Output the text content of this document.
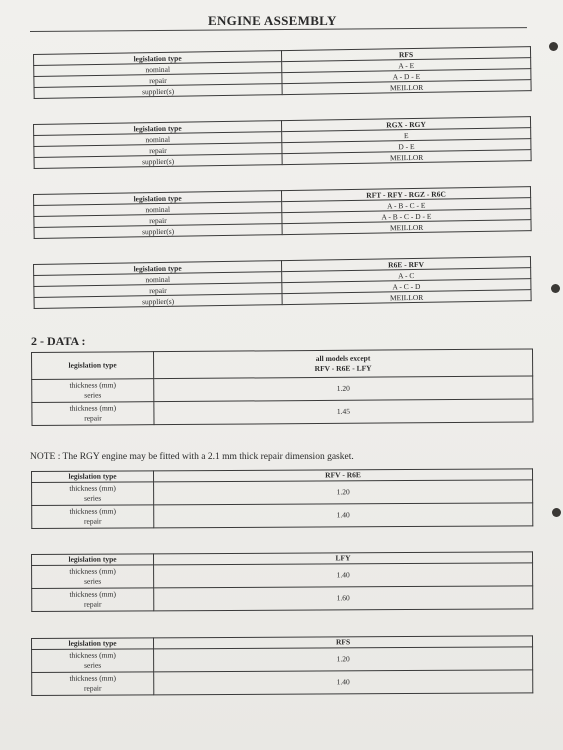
ENGINE ASSEMBLY
legislation type	RFS
nominal	A - E
repair	A - D - E
supplier(s)	MEILLOR
legislation type	RGX - RGY
nominal	E
repair	D - E
supplier(s)	MEILLOR
legislation type	RFT - RFY - RGZ - R6C
nominal	A - B - C - E
repair	A - B - C - D - E
supplier(s)	MEILLOR
legislation type	R6E - RFV
nominal	A - C
repair	A - C - D
supplier(s)	MEILLOR
2 - DATA :
legislation type	all models except
RFV - R6E - LFY

thickness (mm)
series	1.20

thickness (mm)
repair	1.45
NOTE : The RGY engine may be fitted with a 2.1 mm thick repair dimension gasket.
legislation type	RFV - R6E

thickness (mm)
series	1.20

thickness (mm)
repair	1.40
legislation type	LFY

thickness (mm)
series	1.40

thickness (mm)
repair	1.60
legislation type	RFS

thickness (mm)
series	1.20

thickness (mm)
repair	1.40
